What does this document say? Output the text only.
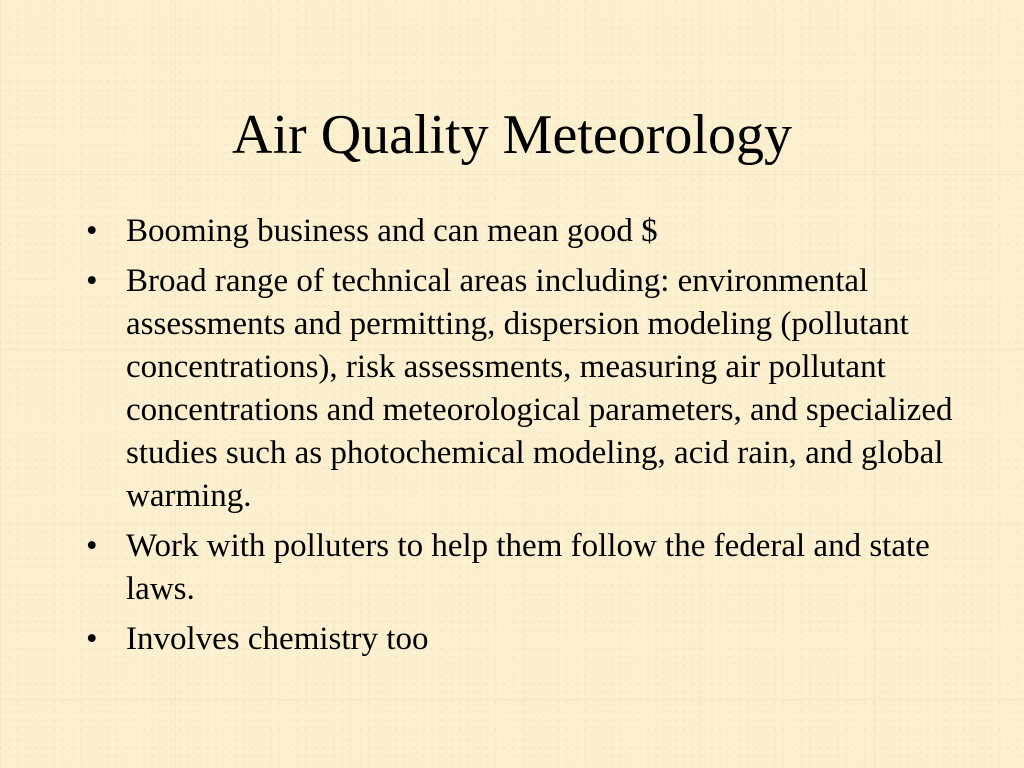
Air Quality Meteorology
• Booming business and can mean good $
• Broad range of technical areas including: environmental assessments and permitting, dispersion modeling (pollutant concentrations), risk assessments, measuring air pollutant concentrations and meteorological parameters, and specialized studies such as photochemical modeling, acid rain, and global warming.
• Work with polluters to help them follow the federal and state laws.
• Involves chemistry too
